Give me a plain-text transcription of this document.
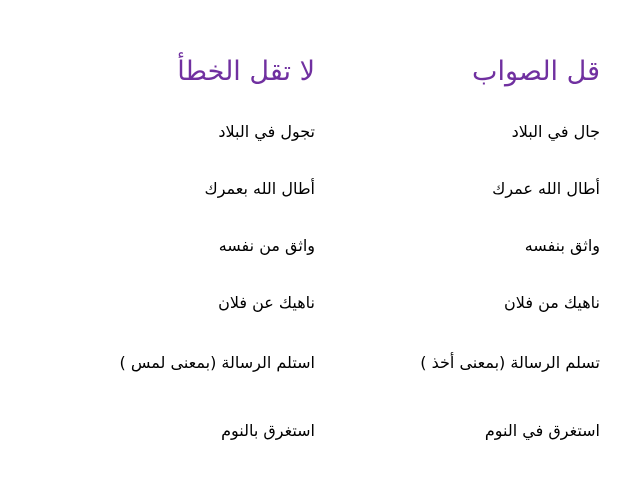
قل الصواب
جال في البلاد
أطال الله عمرك
واثق بنفسه
ناهيك من فلان
تسلم الرسالة (بمعنى أخذ )
استغرق في النوم
لا تقل الخطأ
تجول في البلاد
أطال الله بعمرك
واثق من نفسه
ناهيك عن فلان
استلم الرسالة (بمعنى لمس )
استغرق بالنوم
